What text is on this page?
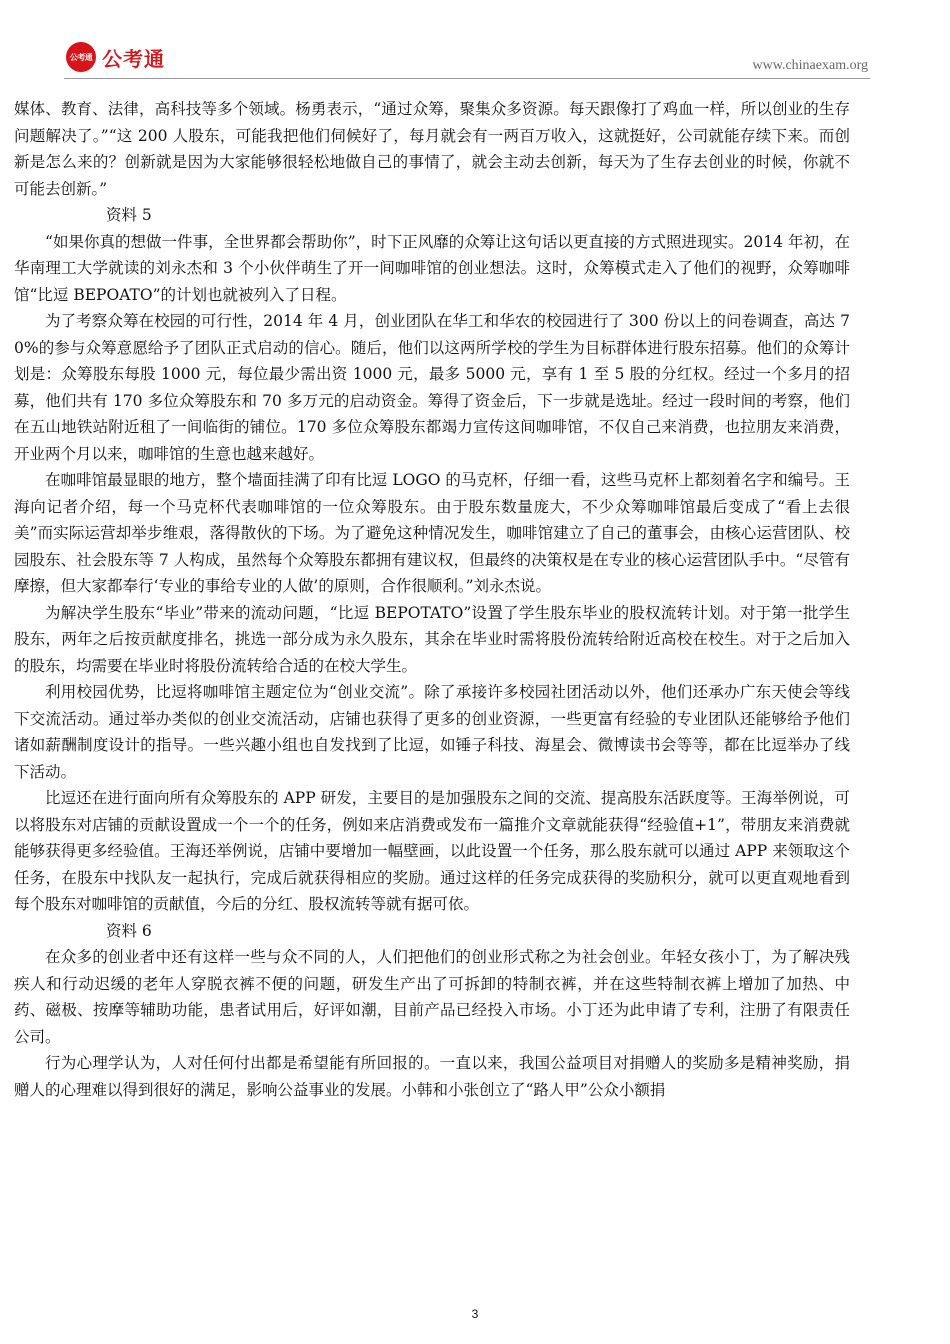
公考通 公考通	www.chinaexam.org

媒体、教育、法律，高科技等多个领域。杨勇表示，“通过众筹，聚集众多资源。每天跟像打了鸡血一样，所以创业的生存问题解决了。”“这 200 人股东，可能我把他们伺候好了，每月就会有一两百万收入，这就挺好，公司就能存续下来。而创新是怎么来的？创新就是因为大家能够很轻松地做自己的事情了，就会主动去创新，每天为了生存去创业的时候，你就不可能去创新。”

资料 5

“如果你真的想做一件事，全世界都会帮助你”，时下正风靡的众筹让这句话以更直接的方式照进现实。2014 年初，在华南理工大学就读的刘永杰和 3 个小伙伴萌生了开一间咖啡馆的创业想法。这时，众筹模式走入了他们的视野，众筹咖啡馆“比逗 BEPOATO”的计划也就被列入了日程。

为了考察众筹在校园的可行性，2014 年 4 月，创业团队在华工和华农的校园进行了 300 份以上的问卷调查，高达 70%的参与众筹意愿给予了团队正式启动的信心。随后，他们以这两所学校的学生为目标群体进行股东招募。他们的众筹计划是：众筹股东每股 1000 元，每位最少需出资 1000 元，最多 5000 元，享有 1 至 5 股的分红权。经过一个多月的招募，他们共有 170 多位众筹股东和 70 多万元的启动资金。筹得了资金后，下一步就是选址。经过一段时间的考察，他们在五山地铁站附近租了一间临街的铺位。170 多位众筹股东都竭力宣传这间咖啡馆，不仅自己来消费，也拉朋友来消费，开业两个月以来，咖啡馆的生意也越来越好。

在咖啡馆最显眼的地方，整个墙面挂满了印有比逗 LOGO 的马克杯，仔细一看，这些马克杯上都刻着名字和编号。王海向记者介绍，每一个马克杯代表咖啡馆的一位众筹股东。由于股东数量庞大，不少众筹咖啡馆最后变成了“看上去很美”而实际运营却举步维艰，落得散伙的下场。为了避免这种情况发生，咖啡馆建立了自己的董事会，由核心运营团队、校园股东、社会股东等 7 人构成，虽然每个众筹股东都拥有建议权，但最终的决策权是在专业的核心运营团队手中。“尽管有摩擦，但大家都奉行‘专业的事给专业的人做’的原则，合作很顺利。”刘永杰说。

为解决学生股东“毕业”带来的流动问题，“比逗 BEPOTATO”设置了学生股东毕业的股权流转计划。对于第一批学生股东，两年之后按贡献度排名，挑选一部分成为永久股东，其余在毕业时需将股份流转给附近高校在校生。对于之后加入的股东，均需要在毕业时将股份流转给合适的在校大学生。

利用校园优势，比逗将咖啡馆主题定位为“创业交流”。除了承接许多校园社团活动以外，他们还承办广东天使会等线下交流活动。通过举办类似的创业交流活动，店铺也获得了更多的创业资源，一些更富有经验的专业团队还能够给予他们诸如薪酬制度设计的指导。一些兴趣小组也自发找到了比逗，如锤子科技、海星会、微博读书会等等，都在比逗举办了线下活动。

比逗还在进行面向所有众筹股东的 APP 研发，主要目的是加强股东之间的交流、提高股东活跃度等。王海举例说，可以将股东对店铺的贡献设置成一个一个的任务，例如来店消费或发布一篇推介文章就能获得“经验值+1”，带朋友来消费就能够获得更多经验值。王海还举例说，店铺中要增加一幅壁画，以此设置一个任务，那么股东就可以通过 APP 来领取这个任务，在股东中找队友一起执行，完成后就获得相应的奖励。通过这样的任务完成获得的奖励积分，就可以更直观地看到每个股东对咖啡馆的贡献值，今后的分红、股权流转等就有据可依。

资料 6

在众多的创业者中还有这样一些与众不同的人，人们把他们的创业形式称之为社会创业。年轻女孩小丁，为了解决残疾人和行动迟缓的老年人穿脱衣裤不便的问题，研发生产出了可拆卸的特制衣裤，并在这些特制衣裤上增加了加热、中药、磁极、按摩等辅助功能，患者试用后，好评如潮，目前产品已经投入市场。小丁还为此申请了专利，注册了有限责任公司。

行为心理学认为，人对任何付出都是希望能有所回报的。一直以来，我国公益项目对捐赠人的奖励多是精神奖励，捐赠人的心理难以得到很好的满足，影响公益事业的发展。小韩和小张创立了“路人甲”公众小额捐

3
